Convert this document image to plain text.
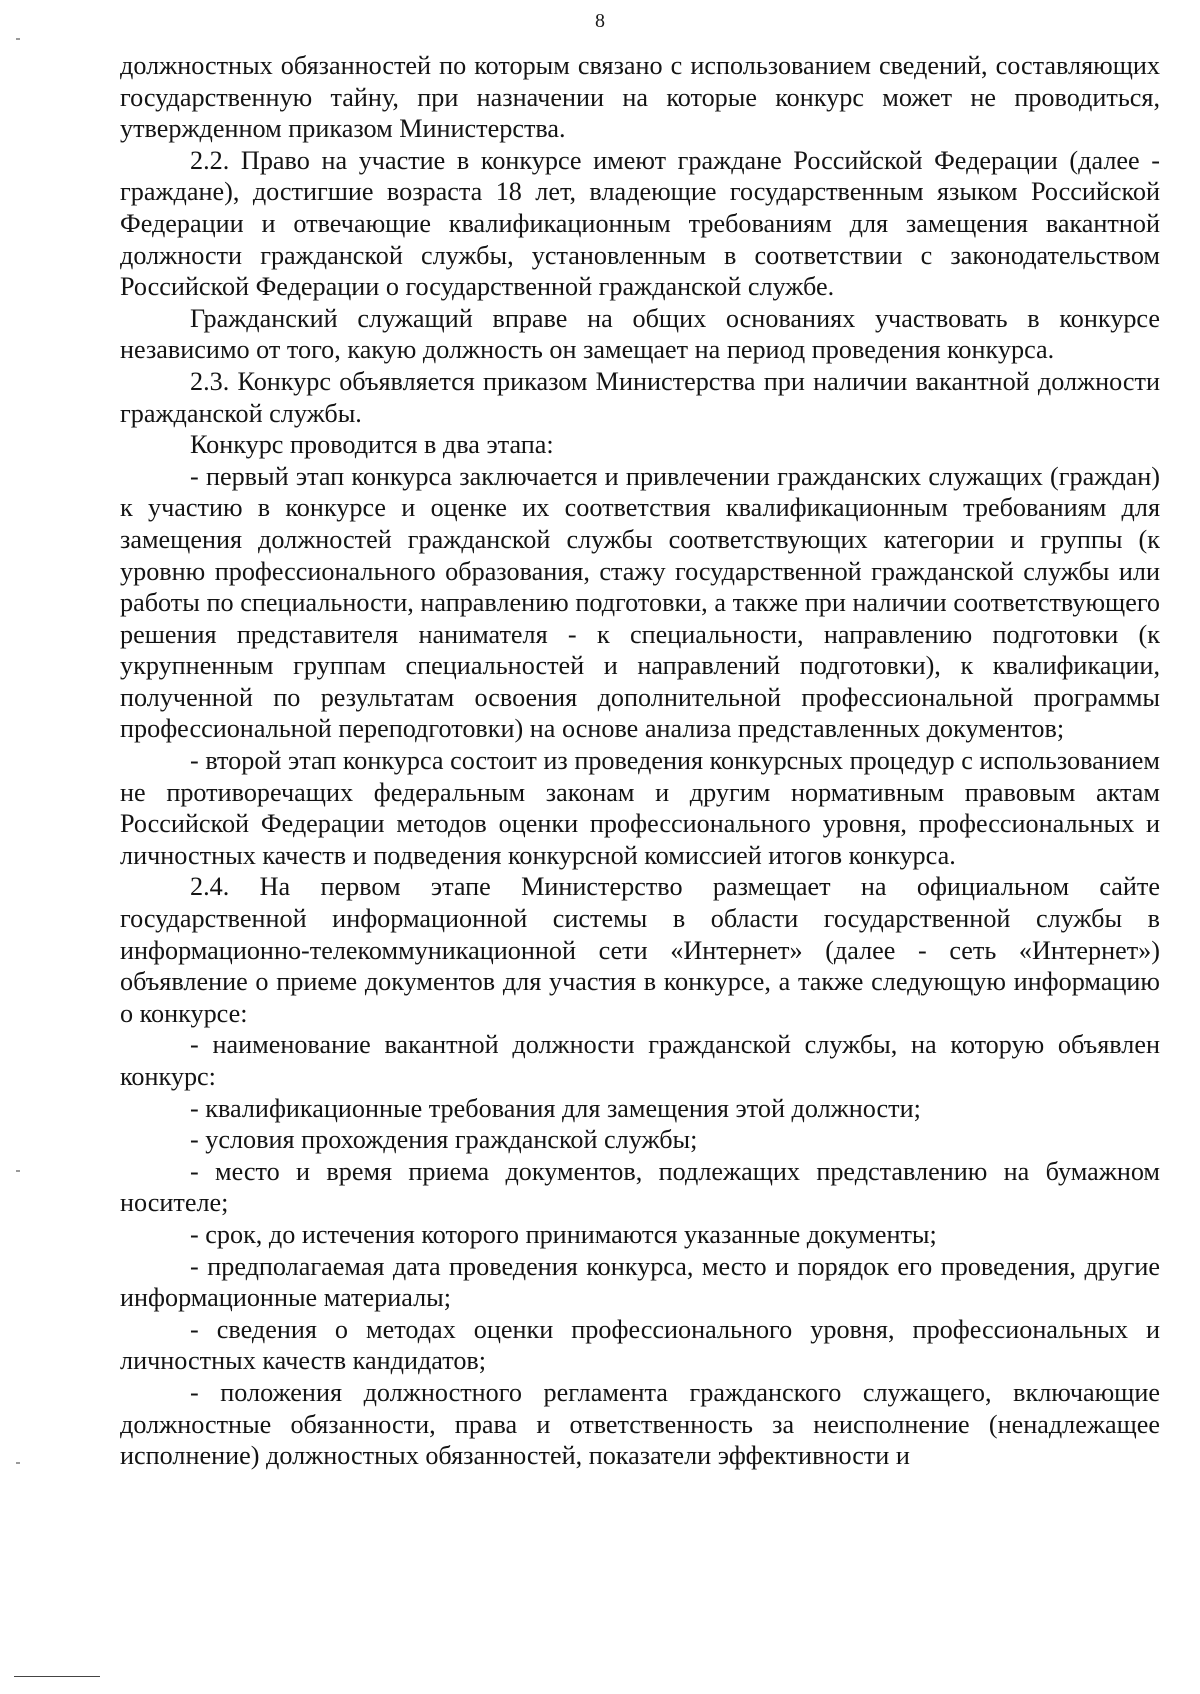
8

должностных обязанностей по которым связано с использованием сведений, составляющих государственную тайну, при назначении на которые конкурс может не проводиться, утвержденном приказом Министерства.

2.2. Право на участие в конкурсе имеют граждане Российской Федерации (далее - граждане), достигшие возраста 18 лет, владеющие государственным языком Российской Федерации и отвечающие квалификационным требованиям для замещения вакантной должности гражданской службы, установленным в соответствии с законодательством Российской Федерации о государственной гражданской службе.

Гражданский служащий вправе на общих основаниях участвовать в конкурсе независимо от того, какую должность он замещает на период проведения конкурса.

2.3. Конкурс объявляется приказом Министерства при наличии вакантной должности гражданской службы.

Конкурс проводится в два этапа:

- первый этап конкурса заключается и привлечении гражданских служащих (граждан) к участию в конкурсе и оценке их соответствия квалификационным требованиям для замещения должностей гражданской службы соответствующих категории и группы (к уровню профессионального образования, стажу государственной гражданской службы или работы по специальности, направлению подготовки, а также при наличии соответствующего решения представителя нанимателя - к специальности, направлению подготовки (к укрупненным группам специальностей и направлений подготовки), к квалификации, полученной по результатам освоения дополнительной профессиональной программы профессиональной переподготовки) на основе анализа представленных документов;

- второй этап конкурса состоит из проведения конкурсных процедур с использованием не противоречащих федеральным законам и другим нормативным правовым актам Российской Федерации методов оценки профессионального уровня, профессиональных и личностных качеств и подведения конкурсной комиссией итогов конкурса.

2.4. На первом этапе Министерство размещает на официальном сайте государственной информационной системы в области государственной службы в информационно-телекоммуникационной сети «Интернет» (далее - сеть «Интернет») объявление о приеме документов для участия в конкурсе, а также следующую информацию о конкурсе:

- наименование вакантной должности гражданской службы, на которую объявлен конкурс:

- квалификационные требования для замещения этой должности;

- условия прохождения гражданской службы;

- место и время приема документов, подлежащих представлению на бумажном носителе;

- срок, до истечения которого принимаются указанные документы;

- предполагаемая дата проведения конкурса, место и порядок его проведения, другие информационные материалы;

- сведения о методах оценки профессионального уровня, профессиональных и личностных качеств кандидатов;

- положения должностного регламента гражданского служащего, включающие должностные обязанности, права и ответственность за неисполнение (ненадлежащее исполнение) должностных обязанностей, показатели эффективности и
